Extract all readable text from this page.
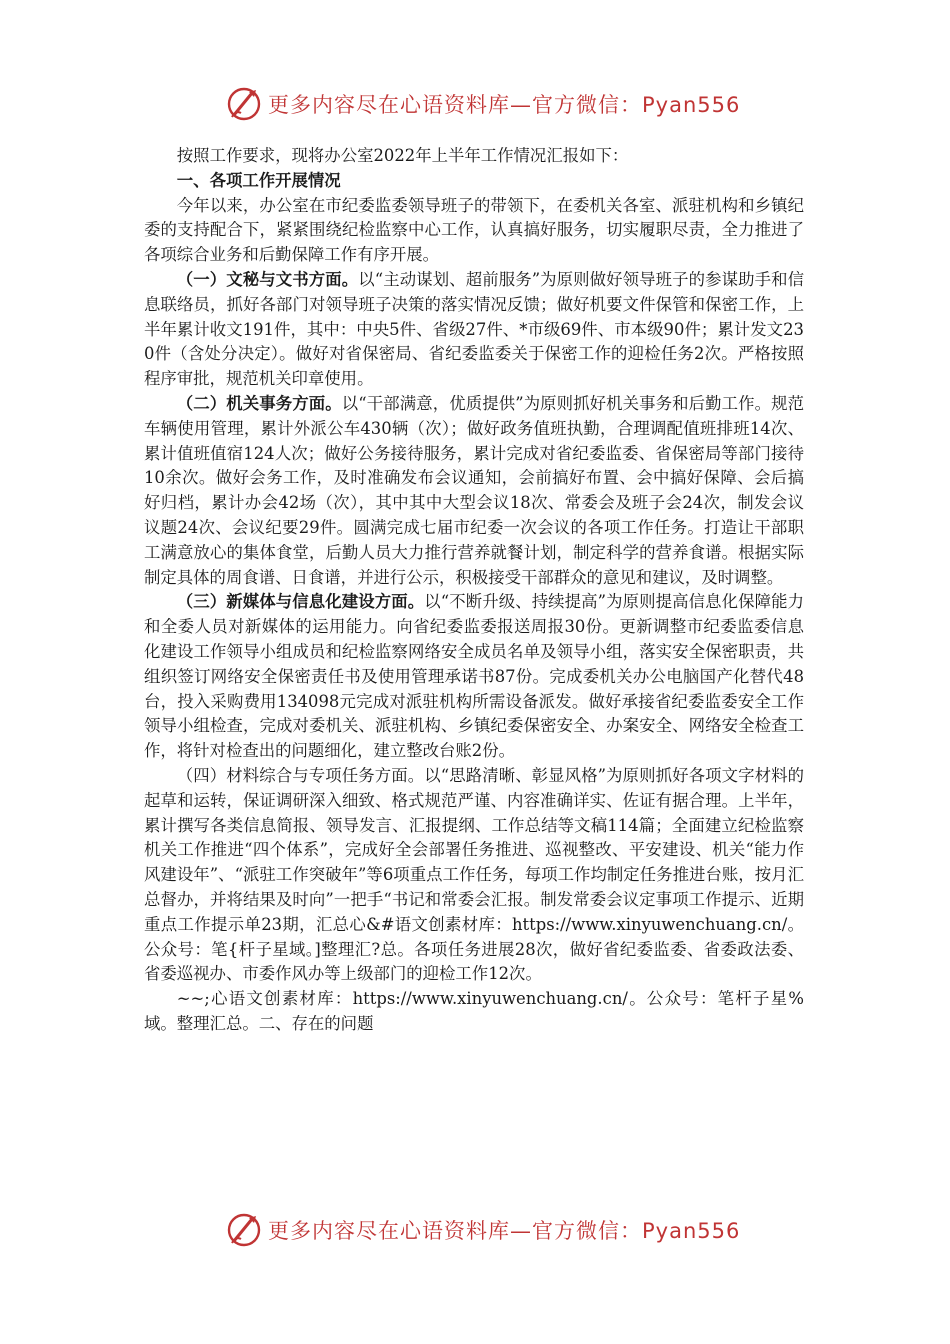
更多内容尽在心语资料库—官方微信：Pyan556

按照工作要求，现将办公室2022年上半年工作情况汇报如下：

一、各项工作开展情况

今年以来，办公室在市纪委监委领导班子的带领下，在委机关各室、派驻机构和乡镇纪委的支持配合下，紧紧围绕纪检监察中心工作，认真搞好服务，切实履职尽责，全力推进了各项综合业务和后勤保障工作有序开展。

（一）文秘与文书方面。以“主动谋划、超前服务”为原则做好领导班子的参谋助手和信息联络员，抓好各部门对领导班子决策的落实情况反馈；做好机要文件保管和保密工作，上半年累计收文191件，其中：中央5件、省级27件、*市级69件、市本级90件；累计发文230件（含处分决定）。做好对省保密局、省纪委监委关于保密工作的迎检任务2次。严格按照程序审批，规范机关印章使用。

（二）机关事务方面。以“干部满意，优质提供”为原则抓好机关事务和后勤工作。规范车辆使用管理，累计外派公车430辆（次）；做好政务值班执勤，合理调配值班排班14次、累计值班值宿124人次；做好公务接待服务，累计完成对省纪委监委、省保密局等部门接待10余次。做好会务工作，及时准确发布会议通知，会前搞好布置、会中搞好保障、会后搞好归档，累计办会42场（次），其中其中大型会议18次、常委会及班子会24次，制发会议议题24次、会议纪要29件。圆满完成七届市纪委一次会议的各项工作任务。打造让干部职工满意放心的集体食堂，后勤人员大力推行营养就餐计划，制定科学的营养食谱。根据实际制定具体的周食谱、日食谱，并进行公示，积极接受干部群众的意见和建议，及时调整。

（三）新媒体与信息化建设方面。以“不断升级、持续提高”为原则提高信息化保障能力和全委人员对新媒体的运用能力。向省纪委监委报送周报30份。更新调整市纪委监委信息化建设工作领导小组成员和纪检监察网络安全成员名单及领导小组，落实安全保密职责，共组织签订网络安全保密责任书及使用管理承诺书87份。完成委机关办公电脑国产化替代48台，投入采购费用134098元完成对派驻机构所需设备派发。做好承接省纪委监委安全工作领导小组检查，完成对委机关、派驻机构、乡镇纪委保密安全、办案安全、网络安全检查工作，将针对检查出的问题细化，建立整改台账2份。

（四）材料综合与专项任务方面。以“思路清晰、彰显风格”为原则抓好各项文字材料的起草和运转，保证调研深入细致、格式规范严谨、内容准确详实、佐证有据合理。上半年，累计撰写各类信息简报、领导发言、汇报提纲、工作总结等文稿114篇；全面建立纪检监察机关工作推进“四个体系”，完成好全会部署任务推进、巡视整改、平安建设、机关“能力作风建设年”、“派驻工作突破年”等6项重点工作任务，每项工作均制定任务推进台账，按月汇总督办，并将结果及时向”一把手“书记和常委会汇报。制发常委会议定事项工作提示、近期重点工作提示单23期，汇总心&#语文创素材库：https://www.xinyuwenchuang.cn/。公众号：笔{杆子星域。]整理汇?总。各项任务进展28次，做好省纪委监委、省委政法委、省委巡视办、市委作风办等上级部门的迎检工作12次。

~~;心语文创素材库：https://www.xinyuwenchuang.cn/。公众号：笔杆子星%域。整理汇总。二、存在的问题

更多内容尽在心语资料库—官方微信：Pyan556
